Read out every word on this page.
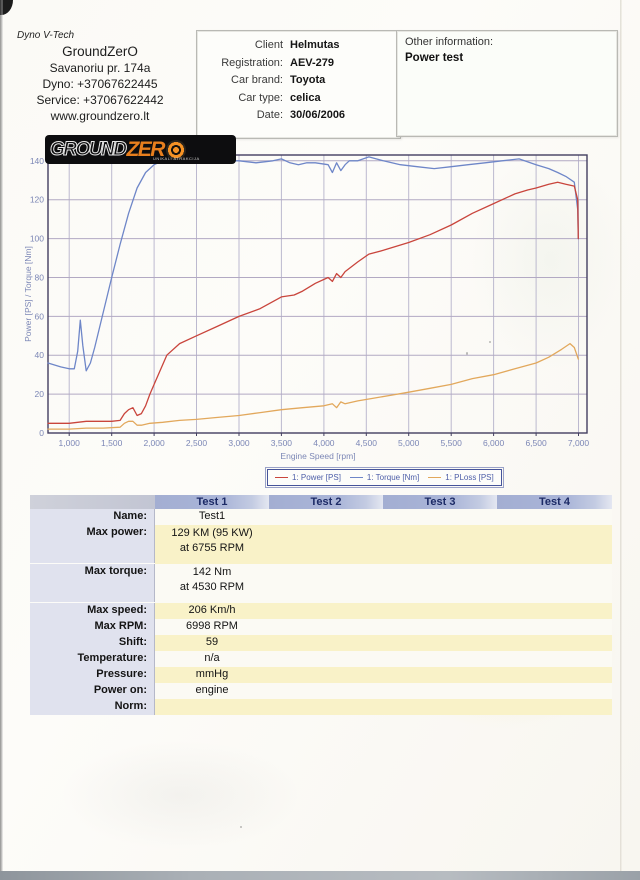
Dyno V-Tech
GroundZerO
Savanoriu pr. 174a
Dyno: +37067622445
Service: +37067622442
www.groundzero.lt
Client Helmutas
Registration: AEV-279
Car brand: Toyota
Car type: celica
Date: 30/06/2006
Other information:
Power test
1,000 1,500 2,000 2,500 3,000 3,500 4,000 4,500 5,000 5,500 6,000 6,500 7,000
0
20
40
60
80
100
120
140
Engine Speed [rpm]
Power [PS] / Torque [Nm]
GROUND ZER
UNIKALI ATRAKCIJA
1: Power [PS]	1: Torque [Nm]	1: PLoss [PS]
Test 1	Test 2	Test 3	Test 4
Name:	Test1
Max power:	129 KM (95 KW)
at 6755 RPM
Max torque:	142 Nm
at 4530 RPM
Max speed:	206 Km/h
Max RPM:	6998 RPM
Shift:	59
Temperature:	n/a
Pressure:	mmHg
Power on:	engine
Norm:
